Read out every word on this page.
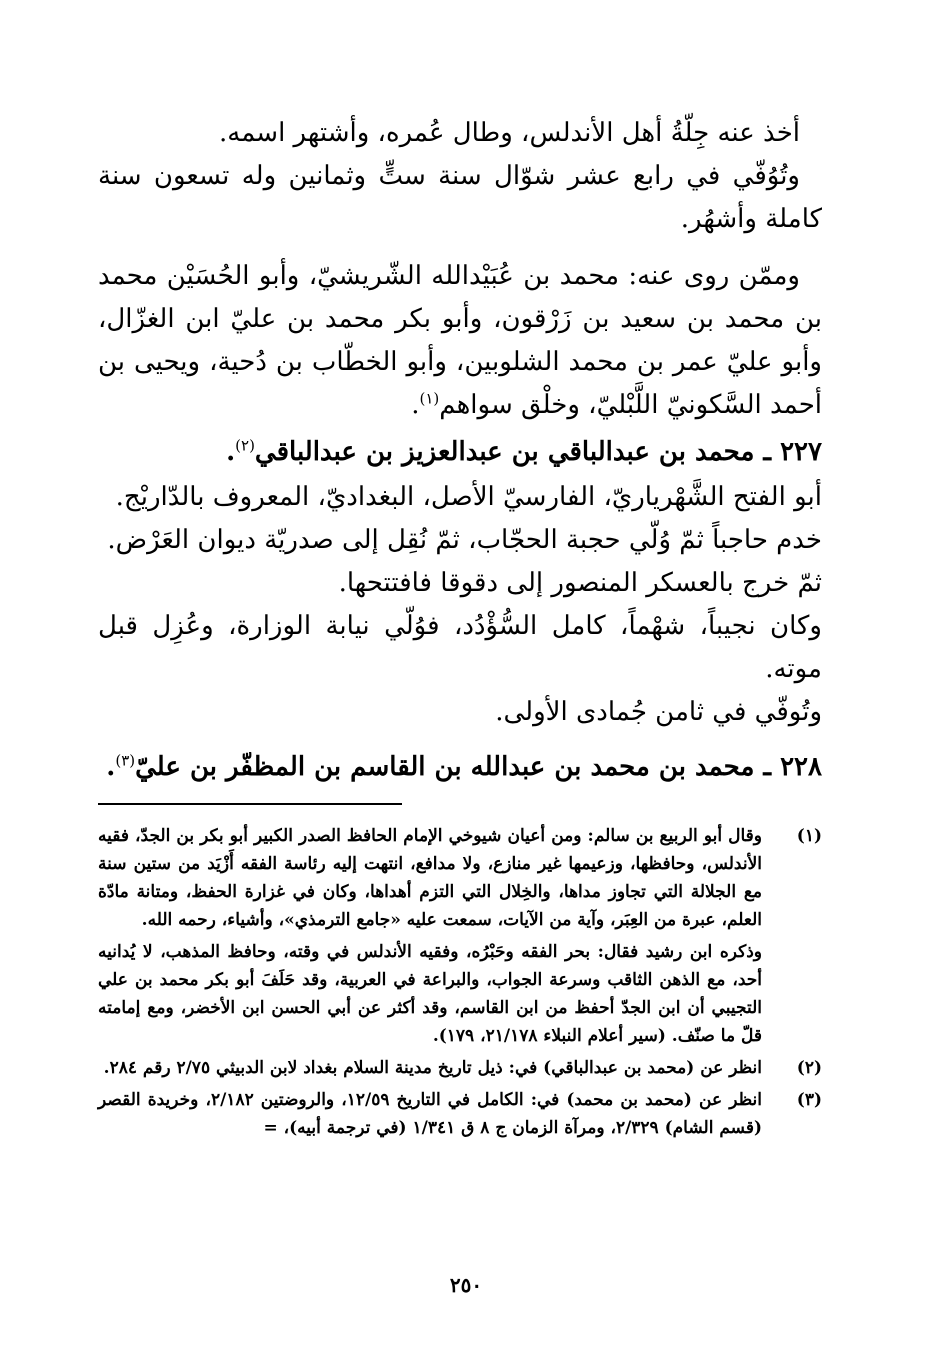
أخذ عنه جِلّةُ أهل الأندلس، وطال عُمره، وأشتهر اسمه.

وتُوُفّي في رابع عشر شوّال سنة ستٍّ وثمانين وله تسعون سنة كاملة وأشهُر.

وممّن روى عنه: محمد بن عُبَيْدالله الشّريشيّ، وأبو الحُسَيْن محمد بن محمد بن سعيد بن زَرْقون، وأبو بكر محمد بن عليّ ابن الغزّال، وأبو عليّ عمر بن محمد الشلوبين، وأبو الخطّاب بن دُحية، ويحيى بن أحمد السَّكونيّ اللَّبْليّ، وخلْق سواهم$^{(١)}$.

٢٢٧ ـ محمد بن عبدالباقي بن عبدالعزيز بن عبدالباقي$^{(٢)}$.

أبو الفتح الشَّهْرياريّ، الفارسيّ الأصل، البغداديّ، المعروف بالدّاريْج.

خدم حاجباً ثمّ وُلّي حجبة الحجّاب، ثمّ نُقِل إلى صدريّة ديوان العَرْض.

ثمّ خرج بالعسكر المنصور إلى دقوقا فافتتحها.

وكان نجيباً، شهْماً، كامل السُّؤْدُد، فوُلّي نيابة الوزارة، وعُزِل قبل موته.

وتُوفّي في ثامن جُمادى الأولى.

٢٢٨ ـ محمد بن محمد بن عبدالله بن القاسم بن المظفّر بن عليّ$^{(٣)}$.

(١)

وقال أبو الربيع بن سالم: ومن أعيان شيوخي الإمام الحافظ الصدر الكبير أبو بكر بن الجدّ، فقيه الأندلس، وحافظها، وزعيمها غير منازع، ولا مدافع، انتهت إليه رئاسة الفقه أَزْيَد من ستين سنة مع الجلالة التي تجاوز مداها، والخِلال التي التزم أهداها، وكان في غزارة الحفظ، ومتانة مادّة العلم، عبرة من العِبَر، وآية من الآيات، سمعت عليه «جامع الترمذي»، وأشياء، رحمه الله.

وذكره ابن رشيد فقال: بحر الفقه وحَبْرُه، وفقيه الأندلس في وقته، وحافظ المذهب، لا يُدانيه أحد، مع الذهن الثاقب وسرعة الجواب، والبراعة في العربية، وقد حَلَفَ أبو بكر محمد بن علي التجيبي أن ابن الجدّ أحفظ من ابن القاسم، وقد أكثر عن أبي الحسن ابن الأخضر، ومع إمامته قلّ ما صنّف. (سير أعلام النبلاء ٢١/١٧٨، ١٧٩).

(٢)

انظر عن (محمد بن عبدالباقي) في: ذيل تاريخ مدينة السلام بغداد لابن الدبيثي ٢/٧٥ رقم ٢٨٤.

(٣)

انظر عن (محمد بن محمد) في: الكامل في التاريخ ١٢/٥٩، والروضتين ٢/١٨٢، وخريدة القصر (قسم الشام) ٢/٣٢٩، ومرآة الزمان ج ٨ ق ١/٣٤١ (في ترجمة أبيه)، =

٢٥٠
